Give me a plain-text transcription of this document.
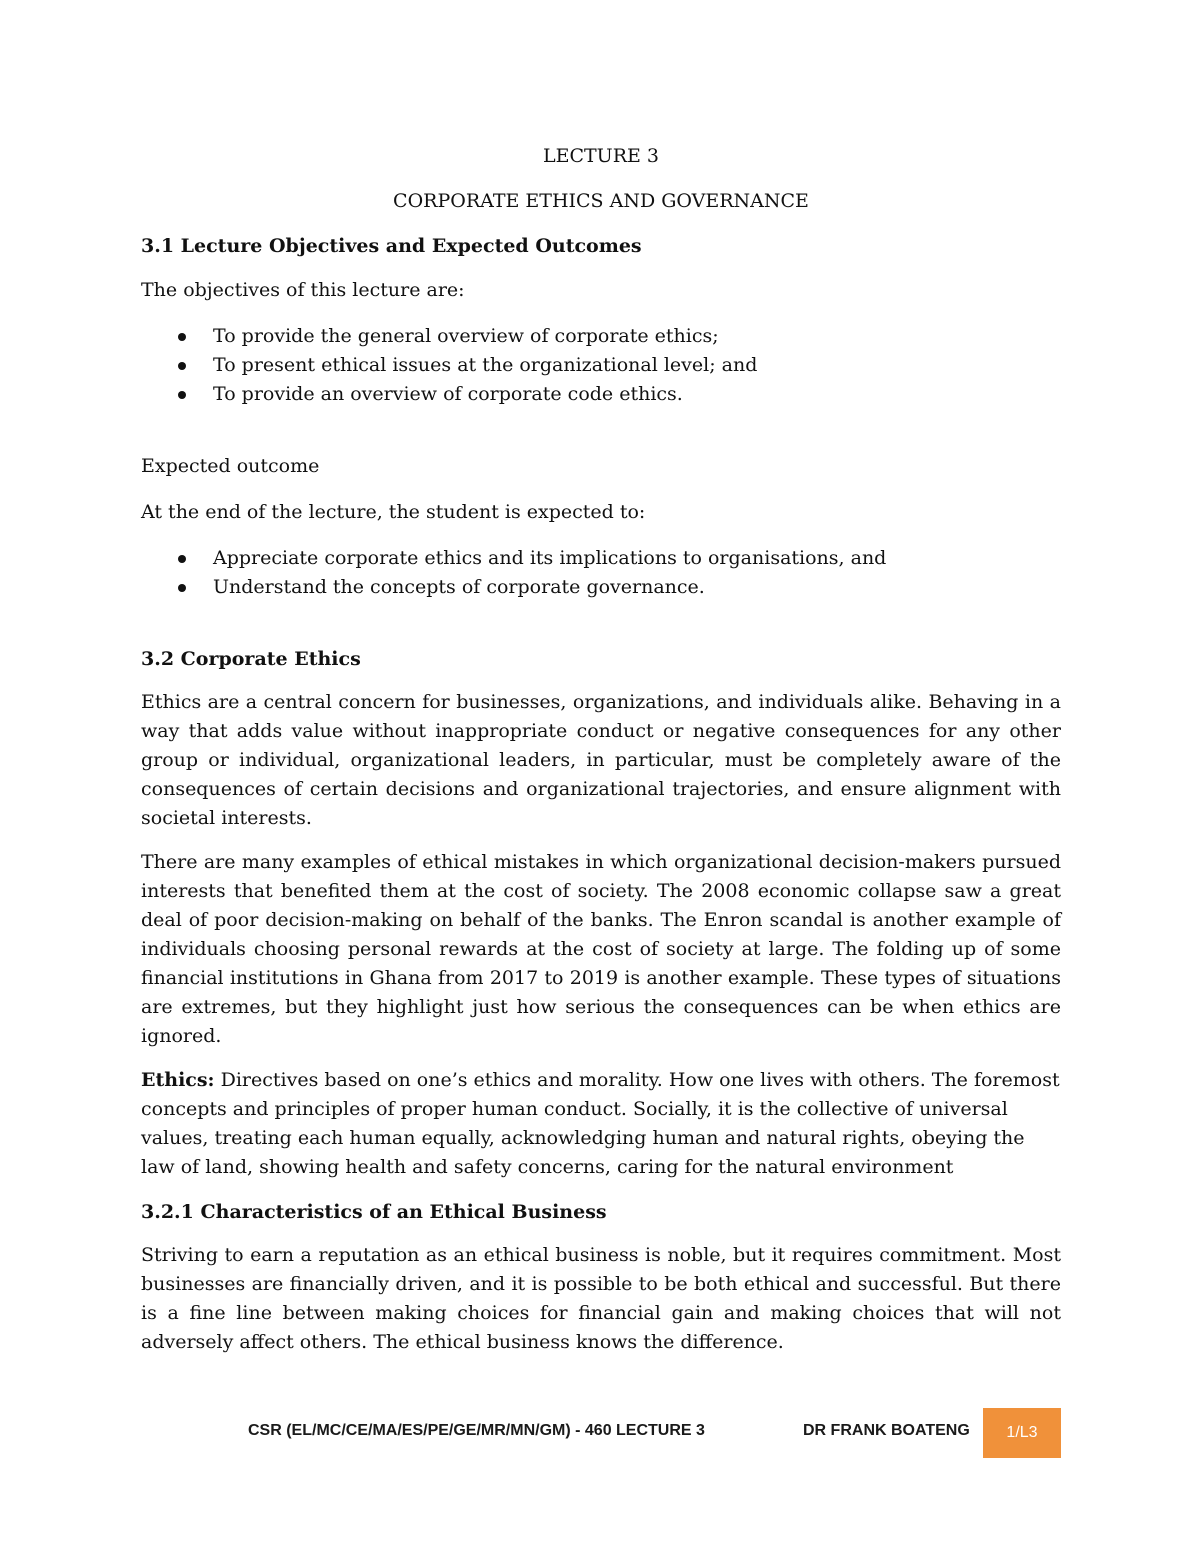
LECTURE 3

CORPORATE ETHICS AND GOVERNANCE

3.1 Lecture Objectives and Expected Outcomes

The objectives of this lecture are:

To provide the general overview of corporate ethics;
To present ethical issues at the organizational level; and
To provide an overview of corporate code ethics.

Expected outcome

At the end of the lecture, the student is expected to:

Appreciate corporate ethics and its implications to organisations, and
Understand the concepts of corporate governance.
3.2 Corporate Ethics

Ethics are a central concern for businesses, organizations, and individuals alike. Behaving in a way that adds value without inappropriate conduct or negative consequences for any other group or individual, organizational leaders, in particular, must be completely aware of the consequences of certain decisions and organizational trajectories, and ensure alignment with societal interests.

There are many examples of ethical mistakes in which organizational decision-makers pursued interests that benefited them at the cost of society. The 2008 economic collapse saw a great deal of poor decision-making on behalf of the banks. The Enron scandal is another example of individuals choosing personal rewards at the cost of society at large. The folding up of some financial institutions in Ghana from 2017 to 2019 is another example. These types of situations are extremes, but they highlight just how serious the consequences can be when ethics are ignored.

Ethics: Directives based on one’s ethics and morality. How one lives with others. The foremost concepts and principles of proper human conduct. Socially, it is the collective of universal values, treating each human equally, acknowledging human and natural rights, obeying the law of land, showing health and safety concerns, caring for the natural environment

3.2.1 Characteristics of an Ethical Business

Striving to earn a reputation as an ethical business is noble, but it requires commitment. Most businesses are financially driven, and it is possible to be both ethical and successful. But there is a fine line between making choices for financial gain and making choices that will not adversely affect others. The ethical business knows the difference.

CSR (EL/MC/CE/MA/ES/PE/GE/MR/MN/GM) - 460 LECTURE 3	DR FRANK BOATENG	1/L3
